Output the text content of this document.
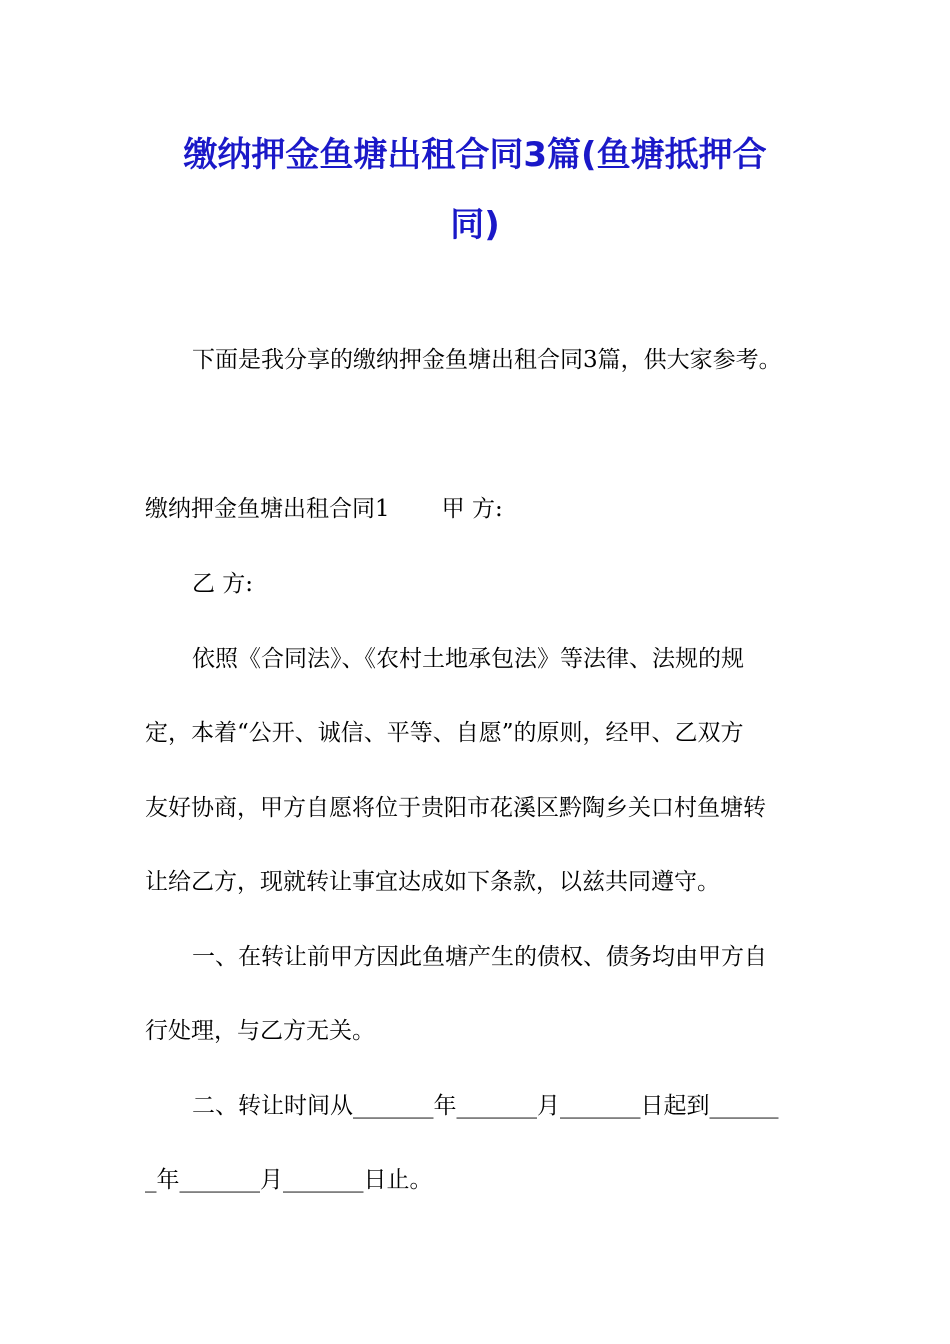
缴纳押金鱼塘出租合同3篇(鱼塘抵押合
同)

下面是我分享的缴纳押金鱼塘出租合同3篇，供大家参考。

缴纳押金鱼塘出租合同1 甲 方:

乙 方:

依照《合同法》、《农村土地承包法》等法律、法规的规

定，本着“公开、诚信、平等、自愿”的原则，经甲、乙双方

友好协商，甲方自愿将位于贵阳市花溪区黔陶乡关口村鱼塘转

让给乙方，现就转让事宜达成如下条款，以兹共同遵守。

一、在转让前甲方因此鱼塘产生的债权、债务均由甲方自

行处理，与乙方无关。

二、转让时间从_______年_______月_______日起到______

_年_______月_______日止。
